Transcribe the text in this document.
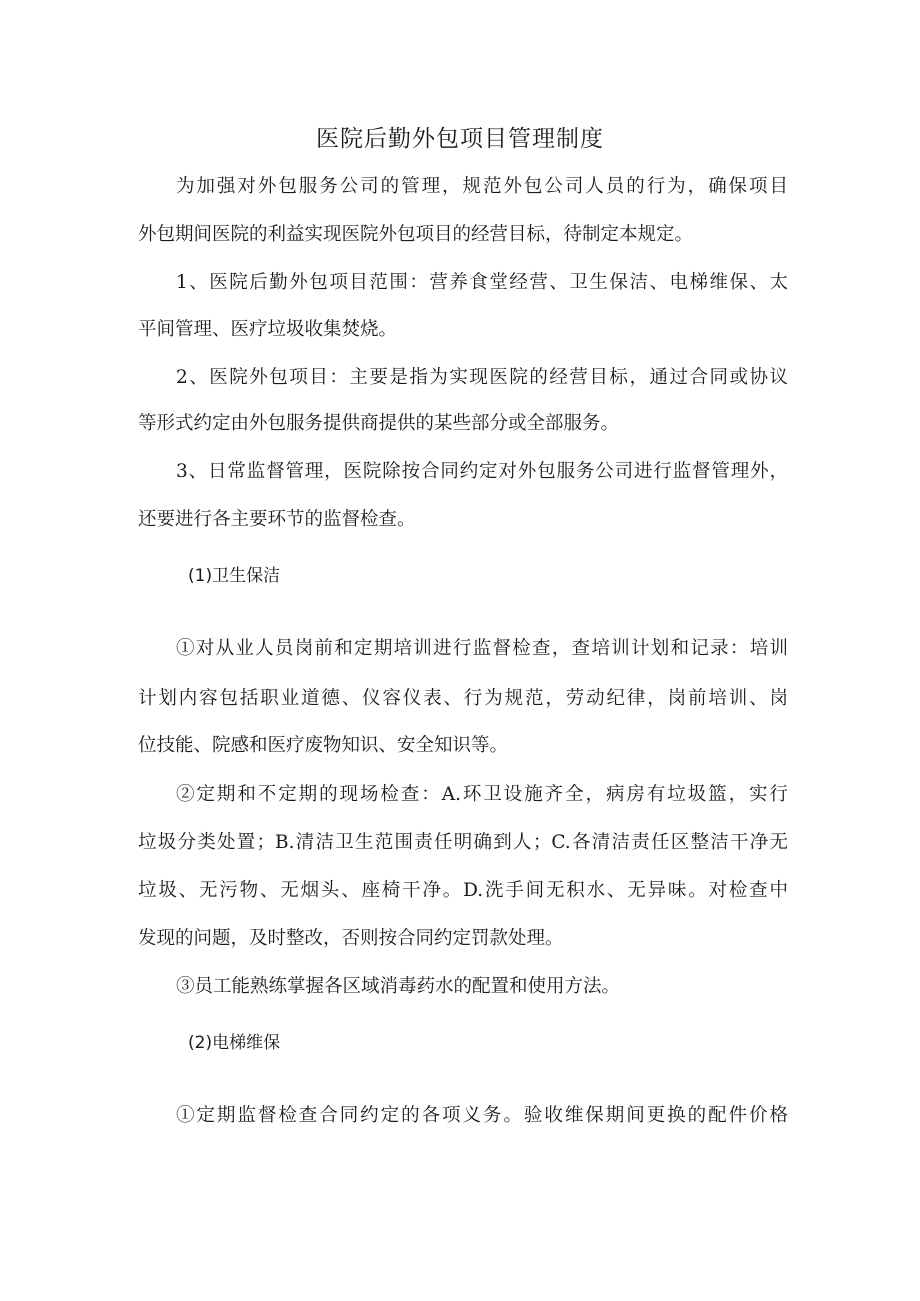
医院后勤外包项目管理制度

为加强对外包服务公司的管理，规范外包公司人员的行为，确保项目

外包期间医院的利益实现医院外包项目的经营目标，待制定本规定。

1、医院后勤外包项目范围：营养食堂经营、卫生保洁、电梯维保、太

平间管理、医疗垃圾收集焚烧。

2、医院外包项目：主要是指为实现医院的经营目标，通过合同或协议

等形式约定由外包服务提供商提供的某些部分或全部服务。

3、日常监督管理，医院除按合同约定对外包服务公司进行监督管理外，

还要进行各主要环节的监督检查。

(1)卫生保洁

①对从业人员岗前和定期培训进行监督检查，查培训计划和记录：培训

计划内容包括职业道德、仪容仪表、行为规范，劳动纪律，岗前培训、岗

位技能、院感和医疗废物知识、安全知识等。

②定期和不定期的现场检查：A.环卫设施齐全，病房有垃圾篮，实行

垃圾分类处置；B.清洁卫生范围责任明确到人；C.各清洁责任区整洁干净无

垃圾、无污物、无烟头、座椅干净。D.洗手间无积水、无异味。对检查中

发现的问题，及时整改，否则按合同约定罚款处理。

③员工能熟练掌握各区域消毒药水的配置和使用方法。

(2)电梯维保

①定期监督检查合同约定的各项义务。验收维保期间更换的配件价格
